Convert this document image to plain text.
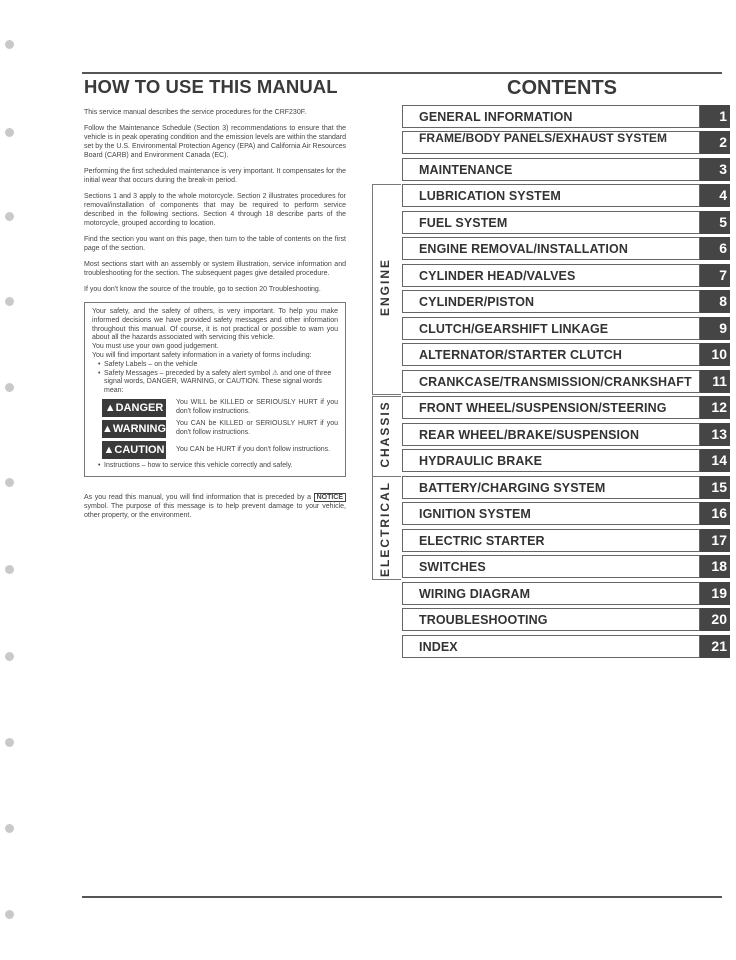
HOW TO USE THIS MANUAL

This service manual describes the service procedures for the CRF230F.

Follow the Maintenance Schedule (Section 3) recommendations to ensure that the vehicle is in peak operating condition and the emission levels are within the standard set by the U.S. Environmental Protection Agency (EPA) and California Air Resources Board (CARB) and Environment Canada (EC).

Performing the first scheduled maintenance is very important. It compensates for the initial wear that occurs during the break-in period.

Sections 1 and 3 apply to the whole motorcycle. Section 2 illustrates procedures for removal/installation of components that may be required to perform service described in the following sections. Section 4 through 18 describe parts of the motorcycle, grouped according to location.

Find the section you want on this page, then turn to the table of contents on the first page of the section.

Most sections start with an assembly or system illustration, service information and troubleshooting for the section. The subsequent pages give detailed procedure.

If you don't know the source of the trouble, go to section 20 Troubleshooting.

Your safety, and the safety of others, is very important. To help you make informed decisions we have provided safety messages and other information throughout this manual. Of course, it is not practical or possible to warn you about all the hazards associated with servicing this vehicle.

You must use your own good judgement.

You will find important safety information in a variety of forms including:

• Safety Labels – on the vehicle
• Safety Messages – preceded by a safety alert symbol ⚠ and one of three signal words, DANGER, WARNING, or CAUTION. These signal words mean:
▲DANGER	You WILL be KILLED or SERIOUSLY HURT if you don't follow instructions.
▲WARNING You CAN be KILLED or SERIOUSLY HURT if you don't follow instructions.
▲CAUTION You CAN be HURT if you don't follow instructions.
• Instructions – how to service this vehicle correctly and safely.

As you read this manual, you will find information that is preceded by a NOTICE symbol. The purpose of this message is to help prevent damage to your vehicle, other property, or the environment.

CONTENTS
ENGINE
CHASSIS
ELECTRICAL
GENERAL INFORMATION	1
FRAME/BODY PANELS/EXHAUST SYSTEM	2
MAINTENANCE	3
LUBRICATION SYSTEM	4
FUEL SYSTEM	5
ENGINE REMOVAL/INSTALLATION	6
CYLINDER HEAD/VALVES	7
CYLINDER/PISTON	8
CLUTCH/GEARSHIFT LINKAGE	9
ALTERNATOR/STARTER CLUTCH	10
CRANKCASE/TRANSMISSION/CRANKSHAFT	11
FRONT WHEEL/SUSPENSION/STEERING	12
REAR WHEEL/BRAKE/SUSPENSION	13
HYDRAULIC BRAKE	14
BATTERY/CHARGING SYSTEM	15
IGNITION SYSTEM	16
ELECTRIC STARTER	17
SWITCHES	18
WIRING DIAGRAM	19
TROUBLESHOOTING	20
INDEX	21
